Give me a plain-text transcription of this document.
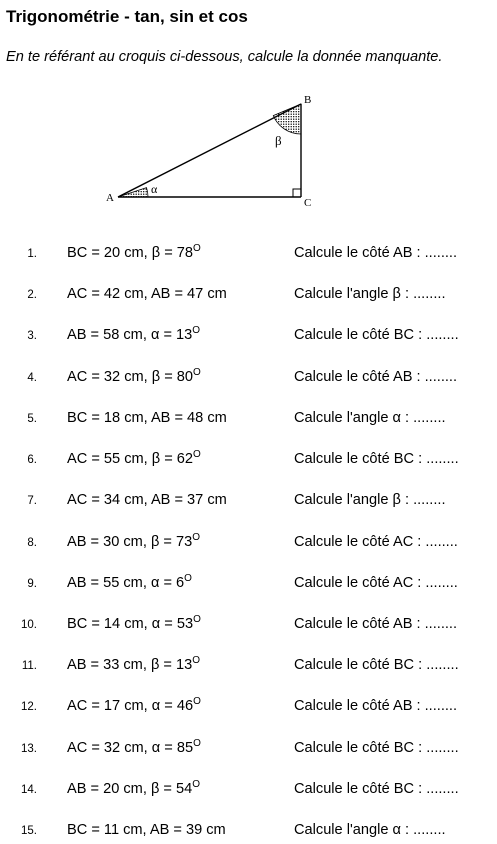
Trigonométrie - tan, sin et cos

En te référant au croquis ci-dessous, calcule la donnée manquante.

A
B
C
α
β
1. BC = 20 cm, $\beta = 78^O$	Calcule le côté AB : ........
2. AC = 42 cm, AB = 47 cm	Calcule l'angle β : ........
3. AB = 58 cm, $\alpha = 13^O$	Calcule le côté BC : ........
4. AC = 32 cm, $\beta = 80^O$	Calcule le côté AB : ........
5. BC = 18 cm, AB = 48 cm	Calcule l'angle α : ........
6. AC = 55 cm, $\beta = 62^O$	Calcule le côté BC : ........
7. AC = 34 cm, AB = 37 cm	Calcule l'angle β : ........
8. AB = 30 cm, $\beta = 73^O$	Calcule le côté AC : ........
9. AB = 55 cm, $\alpha = 6^O$	Calcule le côté AC : ........
10. BC = 14 cm, $\alpha = 53^O$	Calcule le côté AB : ........
11. AB = 33 cm, $\beta = 13^O$	Calcule le côté BC : ........
12. AC = 17 cm, $\alpha = 46^O$	Calcule le côté AB : ........
13. AC = 32 cm, $\alpha = 85^O$	Calcule le côté BC : ........
14. AB = 20 cm, $\beta = 54^O$	Calcule le côté BC : ........
15. BC = 11 cm, AB = 39 cm	Calcule l'angle α : ........
